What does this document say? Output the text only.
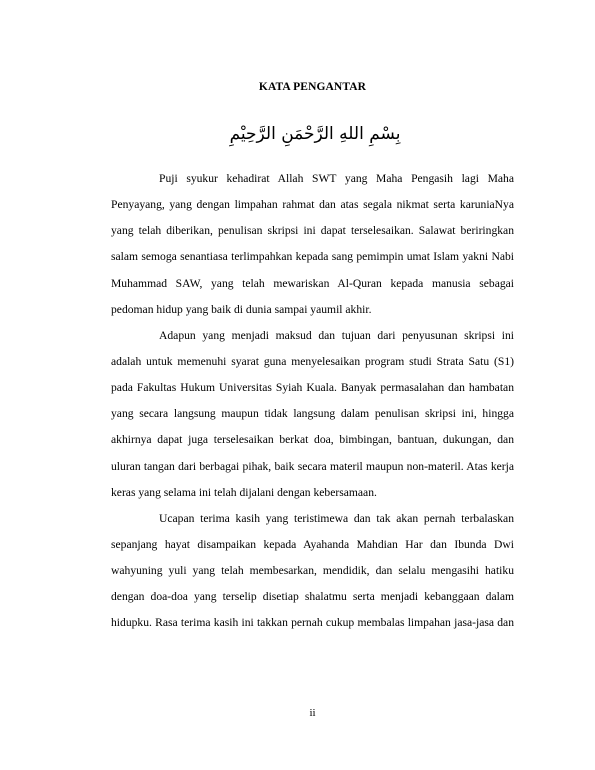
KATA PENGANTAR
بِسْمِ اللهِ الرَّحْمَنِ الرَّحِيْمِ
Puji syukur kehadirat Allah SWT yang Maha Pengasih lagi Maha
Penyayang, yang dengan limpahan rahmat dan atas segala nikmat serta karuniaNya
yang telah diberikan, penulisan skripsi ini dapat terselesaikan. Salawat beriringkan
salam semoga senantiasa terlimpahkan kepada sang pemimpin umat Islam yakni Nabi
Muhammad SAW, yang telah mewariskan Al-Quran kepada manusia sebagai
pedoman hidup yang baik di dunia sampai yaumil akhir.
Adapun yang menjadi maksud dan tujuan dari penyusunan skripsi ini
adalah untuk memenuhi syarat guna menyelesaikan program studi Strata Satu (S1)
pada Fakultas Hukum Universitas Syiah Kuala. Banyak permasalahan dan hambatan
yang secara langsung maupun tidak langsung dalam penulisan skripsi ini, hingga
akhirnya dapat juga terselesaikan berkat doa, bimbingan, bantuan, dukungan, dan
uluran tangan dari berbagai pihak, baik secara materil maupun non-materil. Atas kerja
keras yang selama ini telah dijalani dengan kebersamaan.
Ucapan terima kasih yang teristimewa dan tak akan pernah terbalaskan
sepanjang hayat disampaikan kepada Ayahanda Mahdian Har dan Ibunda Dwi
wahyuning yuli yang telah membesarkan, mendidik, dan selalu mengasihi hatiku
dengan doa-doa yang terselip disetiap shalatmu serta menjadi kebanggaan dalam
hidupku. Rasa terima kasih ini takkan pernah cukup membalas limpahan jasa-jasa dan
ii
